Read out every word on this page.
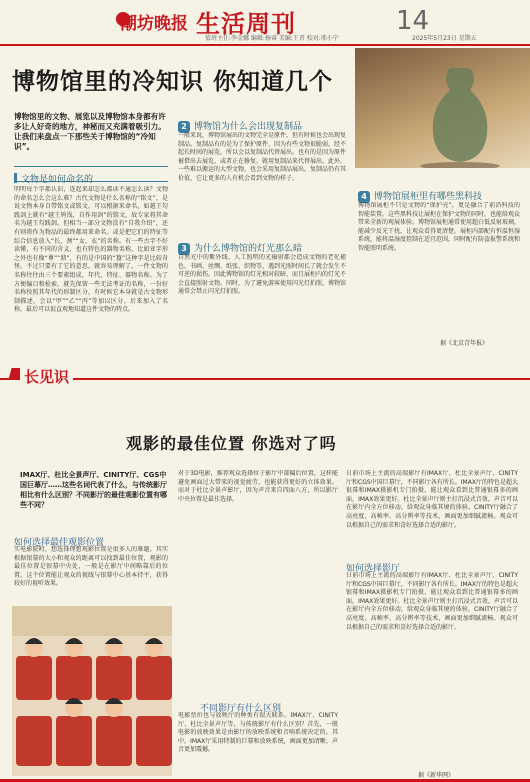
潮坊晚报 生活周刊	14
值班主任:李金娜 编辑:杨睿 美编:王晋 校对:邢小宁	2025年5月23日 星期五
博物馆里的冷知识 你知道几个
博物馆里的文物、展览以及博物馆本身都有许多让人好奇的地方，神秘而又充满着吸引力。让我们来盘点一下那些关于博物馆的“冷知识”。
文物是如何命名的
明明每个字都认识，连起来却怎么都读不通怎么读？文物的命名怎么会这么难？古代文物是什么名称的“铭文”，是说文物本身自带铭文或铭文，可以根据来命名，如越王勾践剑上就有“越王鸠浅，自作用剑”的铭文，故专家将其命名为越王勾践剑。但相当一部分文物没有“自我介绍”，还有则将作为物品的最终都用来命名。或是把它们的特征等综合信息放入“长、颈”“女、衣”的名称。有一些古字不好读懂，有不同的含义，也有特色的器物名称，比如亚字形之外也有像“尊”“鼎”，有的是中国的“簋”这种字是比较奇怪。不过只要有了它的意思，就容易理解了，一件文物的名称往往由三个要素组成，年代、特征、器物名称。为了方便编目和检索，就先保留一些无法考证的名称，一份好名称按照其年代的形制区分，有时候它本身就是古文物形制描述，会以“甲”“乙”“丙”等加以区分。后来加入了名称，最后可以很直观地知道这件文物的特点。
2 博物馆为什么会出现复制品
一般来说，博物馆展出的文物完全是原件，但有时候也会出现复制品。复制品有的是为了保护原件，因为有些文物很脆弱，经不起长时间的展览，所以会以复制品代替展出。也有的是因为原件被借出去展览，或者正在修复，就用复制品来代替展出。此外，一些难以搬运的大型文物，也会采用复制品展出。复制品仍有其价值，它让更多的人有机会看到文物的样子。
3 为什么博物馆的灯光那么暗
自然光中的紫外线、人工照明的光辐射都会造成文物的老化褪色，书画、丝绸、纸张、织物等，遇到光照时间长了就会发生不可逆的损伤。因此博物馆的灯光相对较暗，而且展柜内的灯光不会直接照射文物。同时，为了避免游客使用闪光灯拍照，博物馆通常会禁止闪光灯拍照。
4 博物馆展柜里有哪些黑科技
博物馆展柜不只是文物的“保护壳”，更是融合了前沿科技的智能装置。这些黑科技让展柜在保护文物的同时，也能给观众带来全新的观展体验。博物馆展柜通常使用超白低反射玻璃，能减少反光干扰，让观众看得更清楚。展柜内部配有恒温恒湿系统，能将温湿度控制在适宜范围，同时配有防盗报警系统和智能照明系统。
据《北京青年报》
长见识
观影的最佳位置 你选对了吗
IMAX厅、杜比全景声厅、CINITY厅、CGS中国巨幕厅……这些名词代表了什么，与传统影厅相比有什么区别？不同影厅的最佳观影位置有哪些不同？
如何选择最佳观影位置
实电影院时，想选择理想观影位置是很多人的难题。其实根据银幕的大小和观众的距离可以找到最佳位置，观影的最佳位置是银幕中央处，一般是在影厅中间略靠后的位置。这个位置能让观众的视线与银幕中心基本持平，获得较好的视听效果。
对于3D电影，推荐观众选择位于影厅中部偏后位置，这样能避免画面过大带来的视觉疲劳，也能获得更好的立体效果。而对于杜比全景声影厅，因为声音来自四面八方，所以影厅中央位置是最佳选择。
不同影厅有什么区别
电影票价也与放映厅的种类有很大联系。IMAX厅、CINITY厅、杜比全景声厅等，与传统影厅有什么区别？首先，一般电影的放映效果是由影厅的放映系统和音响系统决定的。其中，IMAX厅采用特制的巨幕和放映系统，画面更加清晰，声音更加震撼。
日前市场上主流的高端影厅有IMAX厅、杜比全景声厅、CINITY厅和CGS中国巨幕厅，不同影厅各有所长。IMAX厅的特色是超大银幕和IMAX摄影机专门拍摄，能让观众看到比普通银幕多的画面，IMAX效果更好。杜比全景声厅则主打沉浸式音效，声音可以在影厅内全方位移动，给观众身临其境的体验。CINITY厅融合了高亮度、高帧率、高分辨率等技术，画面更加细腻流畅。观众可以根据自己的需求和喜好选择合适的影厅。
如何选择影厅
日前市场上主流的高端影厅有IMAX厅、杜比全景声厅、CINITY厅和CGS中国巨幕厅，不同影厅各有所长。IMAX厅的特色是超大银幕和IMAX摄影机专门拍摄，能让观众看到比普通银幕多的画面，IMAX效果更好。杜比全景声厅则主打沉浸式音效，声音可以在影厅内全方位移动，给观众身临其境的体验。CINITY厅融合了高亮度、高帧率、高分辨率等技术，画面更加细腻流畅。观众可以根据自己的需求和喜好选择合适的影厅。
据《新华网》
